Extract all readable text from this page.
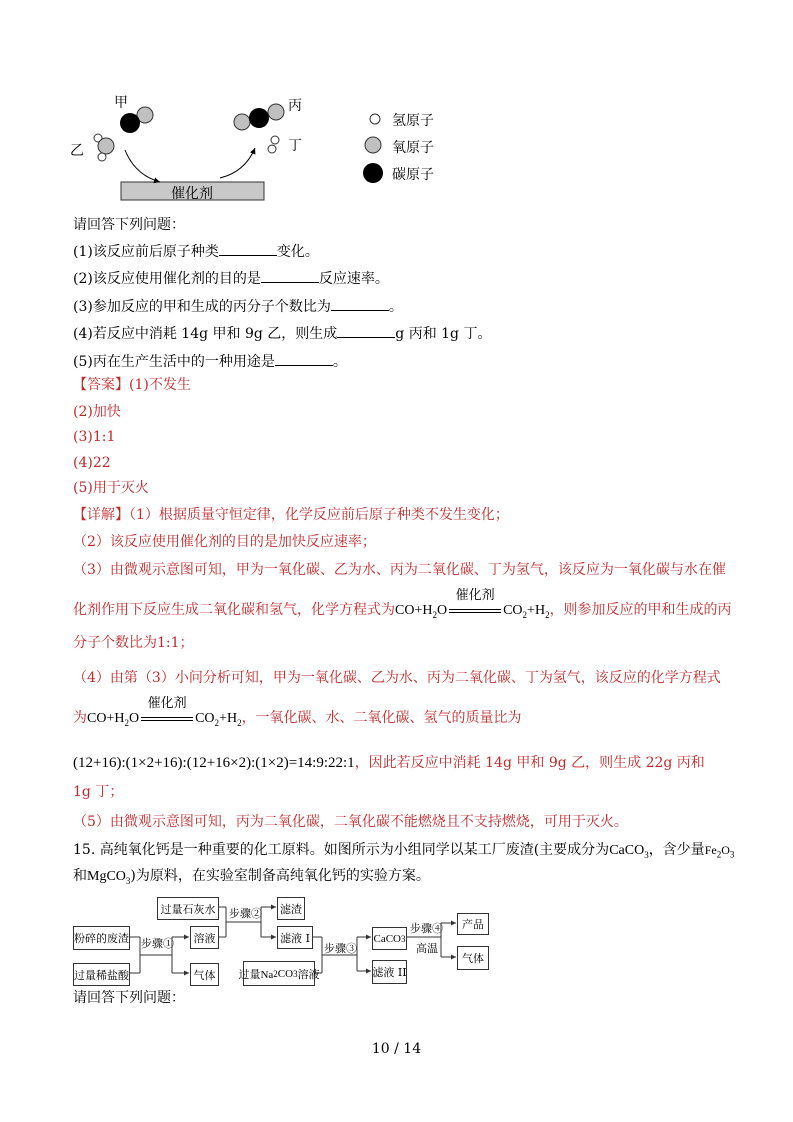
甲
乙
丙
丁
催化剂
氢原子
氧原子
碳原子
请回答下列问题：
(1)该反应前后原子种类	变化。
(2)该反应使用催化剂的目的是	反应速率。
(3)参加反应的甲和生成的丙分子个数比为	。
(4)若反应中消耗 14g 甲和 9g 乙，则生成	g 丙和 1g 丁。
(5)丙在生产生活中的一种用途是	。
【答案】(1)不发生
(2)加快
(3)1:1
(4)22
(5)用于灭火
【详解】（1）根据质量守恒定律，化学反应前后原子种类不发生变化；
（2）该反应使用催化剂的目的是加快反应速率；
（3）由微观示意图可知，甲为一氧化碳、乙为水、丙为二氧化碳、丁为氢气，该反应为一氧化碳与水在催
化剂作用下反应生成二氧化碳和氢气，化学方程式为$CO+H_2O$
催化剂
$CO_2+H_2$，则参加反应的甲和生成的丙
分子个数比为1:1；
（4）由第（3）小问分析可知，甲为一氧化碳、乙为水、丙为二氧化碳、丁为氢气，该反应的化学方程式
为$CO+H_2O$
催化剂
$CO_2+H_2$，一氧化碳、水、二氧化碳、氢气的质量比为
(12+16):(1×2+16):(12+16×2):(1×2)=14:9:22:1，因此若反应中消耗 14g 甲和 9g 乙，则生成 22g 丙和
1g 丁；
（5）由微观示意图可知，丙为二氧化碳，二氧化碳不能燃烧且不支持燃烧，可用于灭火。
15. 高纯氧化钙是一种重要的化工原料。如图所示为小组同学以某工厂废渣(主要成分为CaCO$_3$，含少量$Fe_2O_3$
和MgCO$_3$)为原料，在实验室制备高纯氧化钙的实验方案。
过量石灰水	滤渣
粉碎的废渣
过量稀盐酸
溶液
气体
滤液 I
过量Na 2 CO 3 溶液
CaCO 3
滤液 II
产品
气体
步骤①
步骤②
步骤③
步骤④
高温
请回答下列问题：
10 / 14
